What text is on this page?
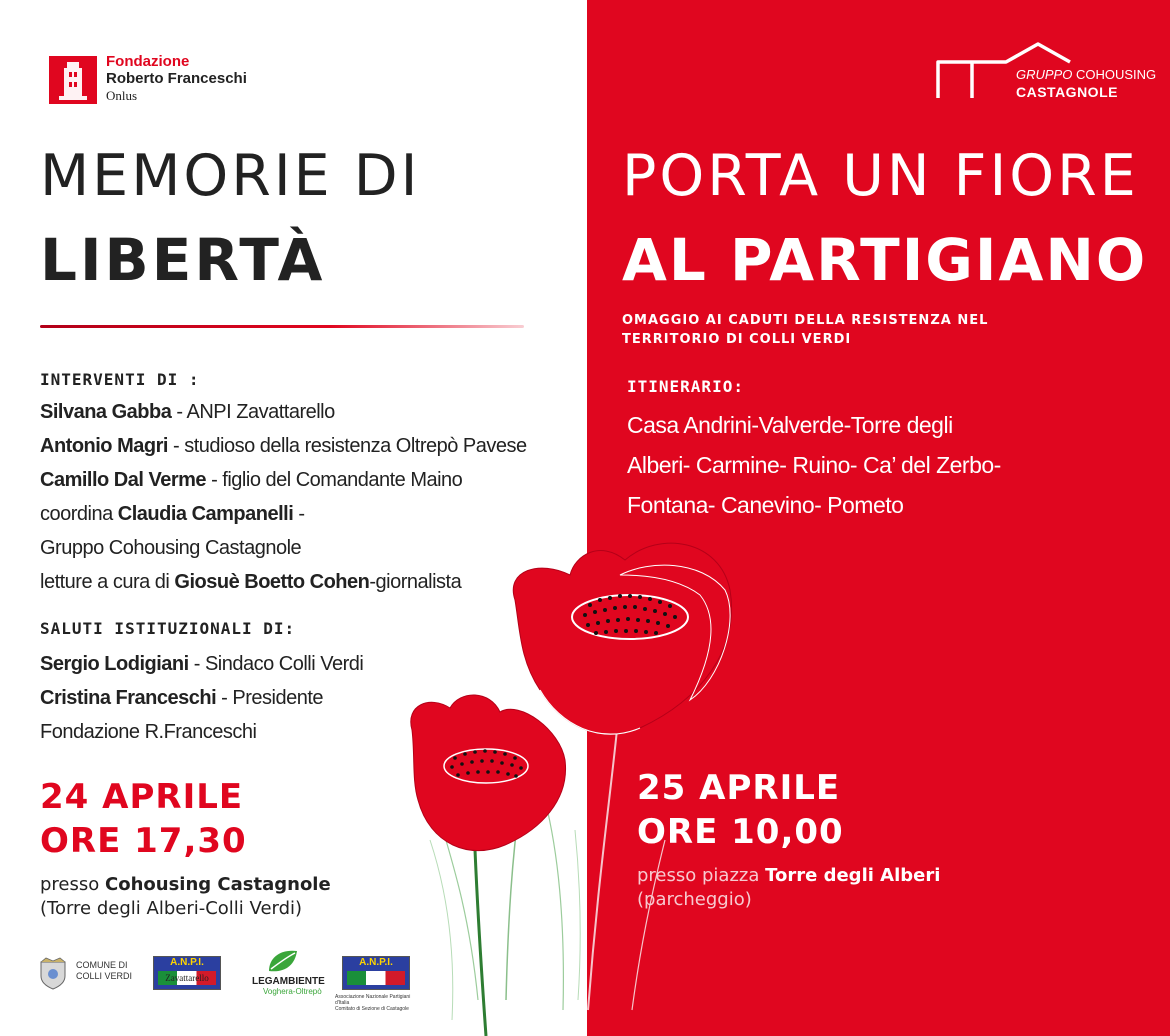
Fondazione
Roberto Franceschi
Onlus
GRUPPO COHOUSING
CASTAGNOLE
MEMORIE DI
LIBERTÀ
PORTA UN FIORE
AL PARTIGIANO
OMAGGIO AI CADUTI DELLA RESISTENZA NEL TERRITORIO DI COLLI VERDI
INTERVENTI DI :
Silvana Gabba - ANPI Zavattarello
Antonio Magri - studioso della resistenza Oltrepò Pavese
Camillo Dal Verme - figlio del Comandante Maino
coordina Claudia Campanelli -
Gruppo Cohousing Castagnole
letture a cura di Giosuè Boetto Cohen-giornalista
SALUTI ISTITUZIONALI DI:
Sergio Lodigiani - Sindaco Colli Verdi
Cristina Franceschi - Presidente
Fondazione R.Franceschi
ITINERARIO:
Casa Andrini-Valverde-Torre degli
Alberi- Carmine- Ruino- Ca’ del Zerbo-
Fontana- Canevino- Pometo
24 APRILE
ORE 17,30
presso Cohousing Castagnole
(Torre degli Alberi-Colli Verdi)
25 APRILE
ORE 10,00
presso piazza Torre degli Alberi
(parcheggio)
COMUNE DI
COLLI VERDI
A.N.P.I.
Zavattarello	LEGAMBIENTE
Voghera-Oltrepò
A.N.P.I.
Associazione Nazionale Partigiani d'Italia
Comitato di Sezione di Castagole
